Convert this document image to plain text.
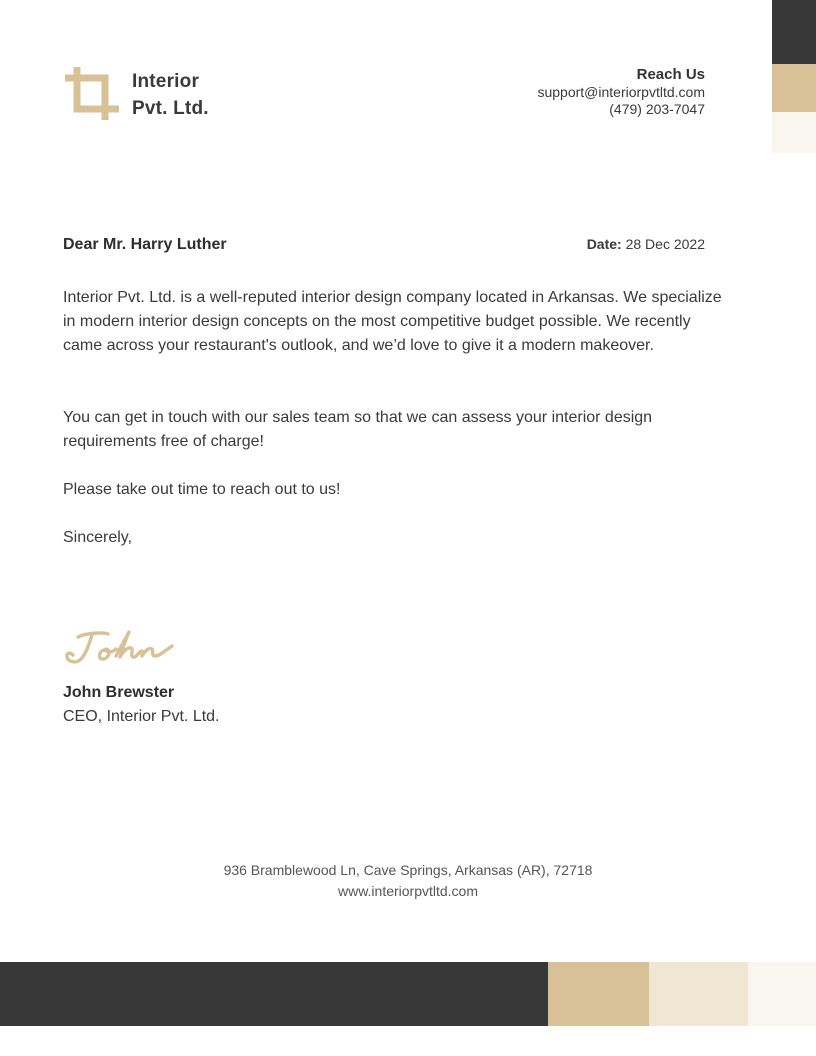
Interior
Pvt. Ltd.
Reach Us
support@interiorpvtltd.com
(479) 203-7047
Dear Mr. Harry Luther	Date: 28 Dec 2022

Interior Pvt. Ltd. is a well-reputed interior design company located in Arkansas. We specialize in modern interior design concepts on the most competitive budget possible. We recently came across your restaurant's outlook, and we’d love to give it a modern makeover.

You can get in touch with our sales team so that we can assess your interior design requirements free of charge!

Please take out time to reach out to us!

Sincerely,
John Brewster
CEO, Interior Pvt. Ltd.
936 Bramblewood Ln, Cave Springs, Arkansas (AR), 72718
www.interiorpvtltd.com
